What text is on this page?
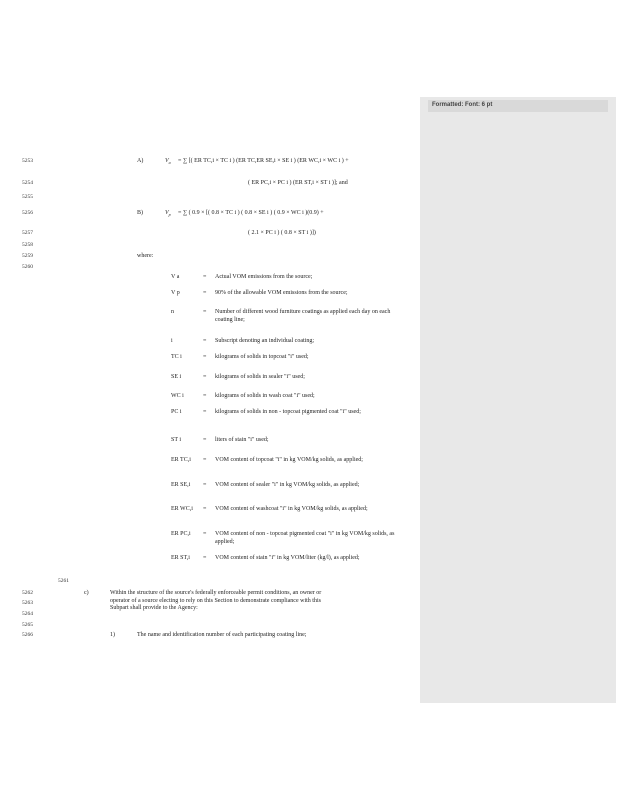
Formatted: Font: 6 pt
5253
5254
5255
5256
5257
5258
5259
5260
5261
5262
5263
5264
5265
5266
A)	$V_a$ = ∑ [( ER TC,i × TC i ) (ER TC,ER SE,i × SE i ) (ER WC,i × WC i ) +
( ER PC,i × PC i ) (ER ST,i × ST i )]; and
B)	$V_p$ = ∑ ( 0.9 × [( 0.8 × TC i ) ( 0.8 × SE i ) ( 0.9 × WC i )(0.9) +
( 2.1 × PC i ) ( 0.8 × ST i )])
where:
V a	= Actual VOM emissions from the source;
V p	= 90% of the allowable VOM emissions from the source;
n	= Number of different wood furniture coatings as applied each day on each coating line;
i	= Subscript denoting an individual coating;
TC i	= kilograms of solids in topcoat "i" used;
SE i	= kilograms of solids in sealer "i" used;
WC i	= kilograms of solids in wash coat "i" used;
PC i	= kilograms of solids in non - topcoat pigmented coat "i" used;
ST i	= liters of stain "i" used;
ER TC,i = VOM content of topcoat "i" in kg VOM/kg solids, as applied;
ER SE,i = VOM content of sealer "i" in kg VOM/kg solids, as applied;
ER WC,i = VOM content of washcoat "i" in kg VOM/kg solids, as applied;
ER PC,i = VOM content of non - topcoat pigmented coat "i" in kg VOM/kg solids, as applied;
ER ST,i = VOM content of stain "i" in kg VOM/liter (kg/l), as applied;
c)	Within the structure of the source's federally enforceable permit conditions, an owner or operator of a source electing to rely on this Section to demonstrate compliance with this Subpart shall provide to the Agency:
1)	The name and identification number of each participating coating line;
